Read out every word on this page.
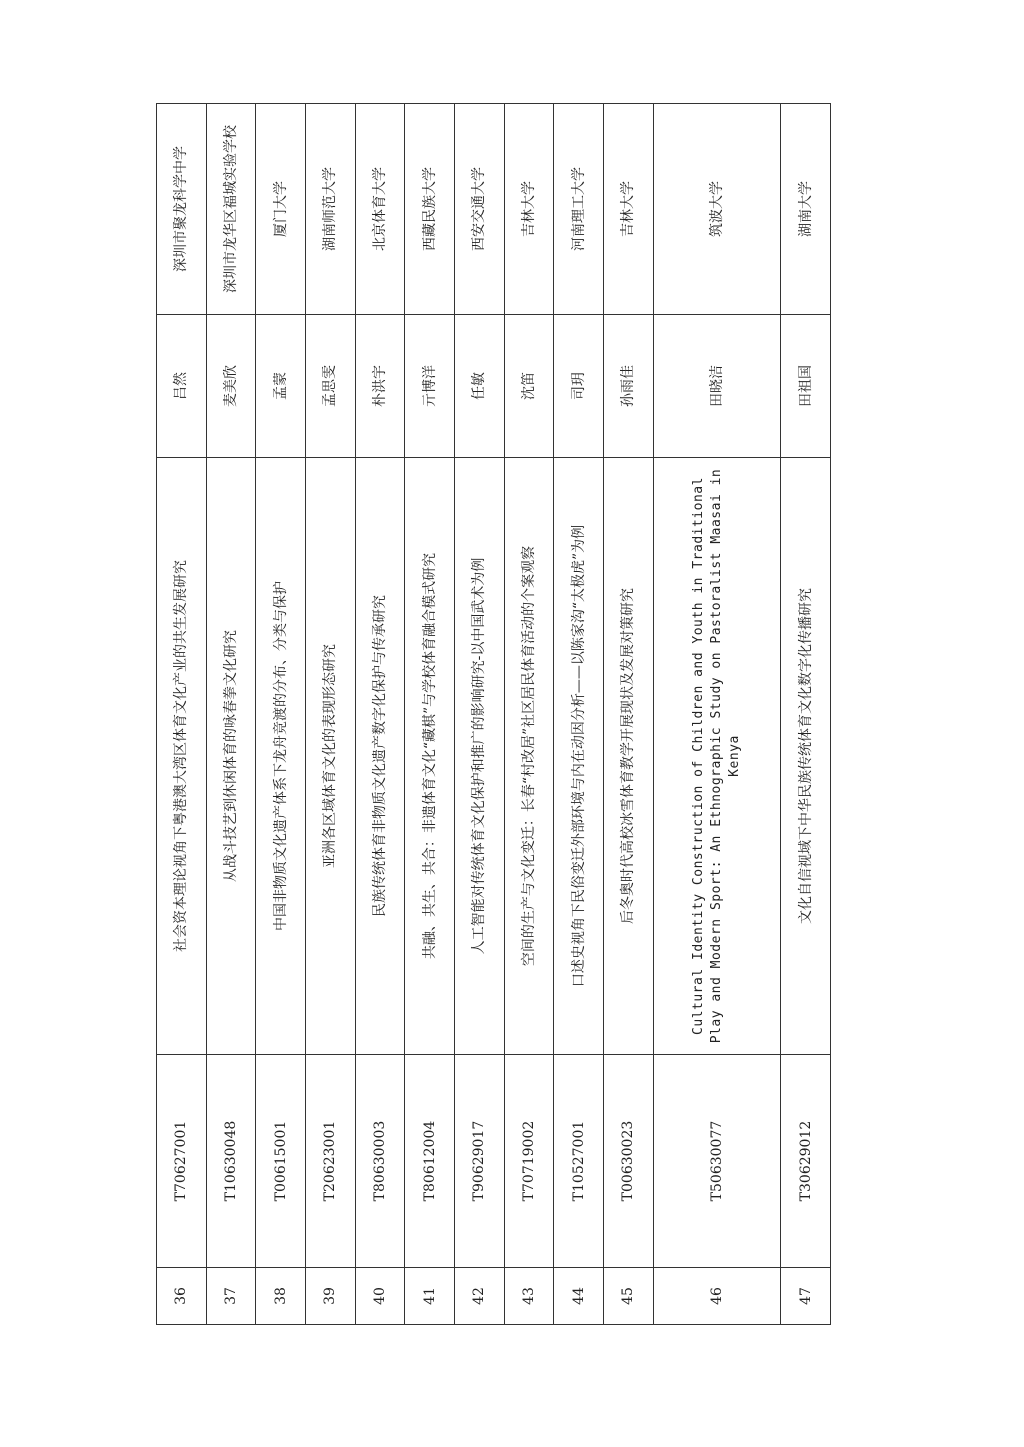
36	T70627001	社会资本理论视角下粤港澳大湾区体育文化产业的共生发展研究	吕然	深圳市聚龙科学中学
37	T10630048	从战斗技艺到休闲体育的咏春拳文化研究	麦美欣	深圳市龙华区福城实验学校
38	T00615001	中国非物质文化遗产体系下龙舟竞渡的分布、分类与保护	孟蒙	厦门大学
39	T20623001	亚洲各区域体育文化的表现形态研究	孟思雯	湖南师范大学
40	T80630003	民族传统体育非物质文化遗产数字化保护与传承研究	朴洪宇	北京体育大学
41	T80612004	共融、共生、共合：非遗体育文化“藏棋”与学校体育融合模式研究	亓博洋	西藏民族大学
42	T90629017	人工智能对传统体育文化保护和推广的影响研究-以中国武术为例	任敏	西安交通大学
43	T70719002	空间的生产与文化变迁：长春“村改居”社区居民体育活动的个案观察	沈笛	吉林大学
44	T10527001	口述史视角下民俗变迁外部环境与内在动因分析——以陈家沟“太极虎”为例	司玥	河南理工大学
45	T00630023	后冬奥时代高校冰雪体育教学开展现状及发展对策研究	孙雨佳	吉林大学
46	T50630077	Cultural Identity Construction of Children and Youth in Traditional Play and Modern Sport: An Ethnographic Study on Pastoralist Maasai in Kenya	田晓洁	筑波大学
47	T30629012	文化自信视域下中华民族传统体育文化数字化传播研究	田祖国	湖南大学
